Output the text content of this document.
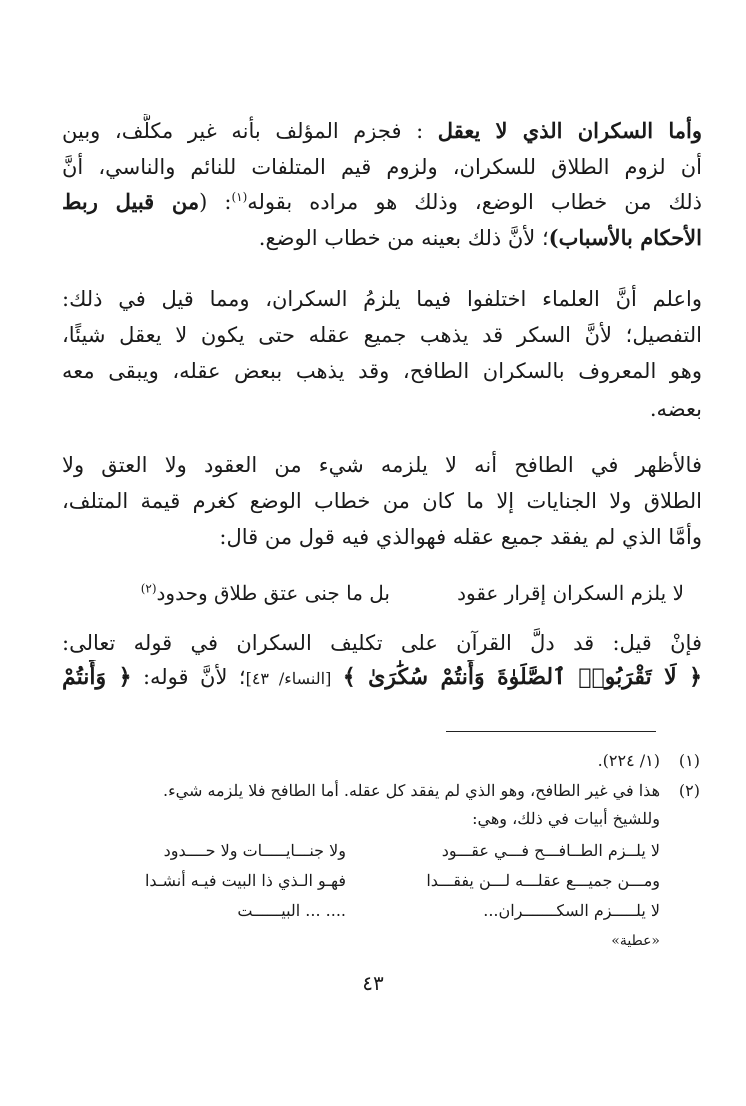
وأما السكران الذي لا يعقل : فجزم المؤلف بأنه غير مكلَّف، وبين
أن لزوم الطلاق للسكران، ولزوم قيم المتلفات للنائم والناسي، أنَّ
ذلك من خطاب الوضع، وذلك هو مراده بقوله$^{(١)}$: (من قبيل ربط
الأحكام بالأسباب)؛ لأنَّ ذلك بعينه من خطاب الوضع.
واعلم أنَّ العلماء اختلفوا فيما يلزمُ السكران، ومما قيل في ذلك:
التفصيل؛ لأنَّ السكر قد يذهب جميع عقله حتى يكون لا يعقل شيئًا،
وهو المعروف بالسكران الطافح، وقد يذهب ببعض عقله، ويبقى معه
بعضه.
فالأظهر في الطافح أنه لا يلزمه شيء من العقود ولا العتق ولا
الطلاق ولا الجنايات إلا ما كان من خطاب الوضع كغرم قيمة المتلف،
وأمَّا الذي لم يفقد جميع عقله فهوالذي فيه قول من قال:
لا يلزم السكران إقرار عقود
بل ما جنى عتق طلاق وحدود$^{(٢)}$
فإنْ قيل: قد دلَّ القرآن على تكليف السكران في قوله تعالى:
﴿ لَا تَقْرَبُوا۟ ٱلصَّلَوٰةَ وَأَنتُمْ سُكَٰرَىٰ ﴾ [النساء/ ٤٣]؛ لأنَّ قوله: ﴿ وَأَنتُمْ
(١)
(١/ ٢٢٤).
(٢)
هذا في غير الطافح، وهو الذي لم يفقد كل عقله. أما الطافح فلا يلزمه شيء.
وللشيخ أبيات في ذلك، وهي:
لا يلــزم الطــافـــح فـــي عقـــود
ولا جنـــايـــــات ولا حــــدود
ومـــن جميـــع عقلـــه لـــن يفقـــدا
فهـو الـذي ذا البيت فيـه أنشـدا
لا يلـــــزم السكـــــــران...
.... ... البيــــــت
«عطية»
٤٣
